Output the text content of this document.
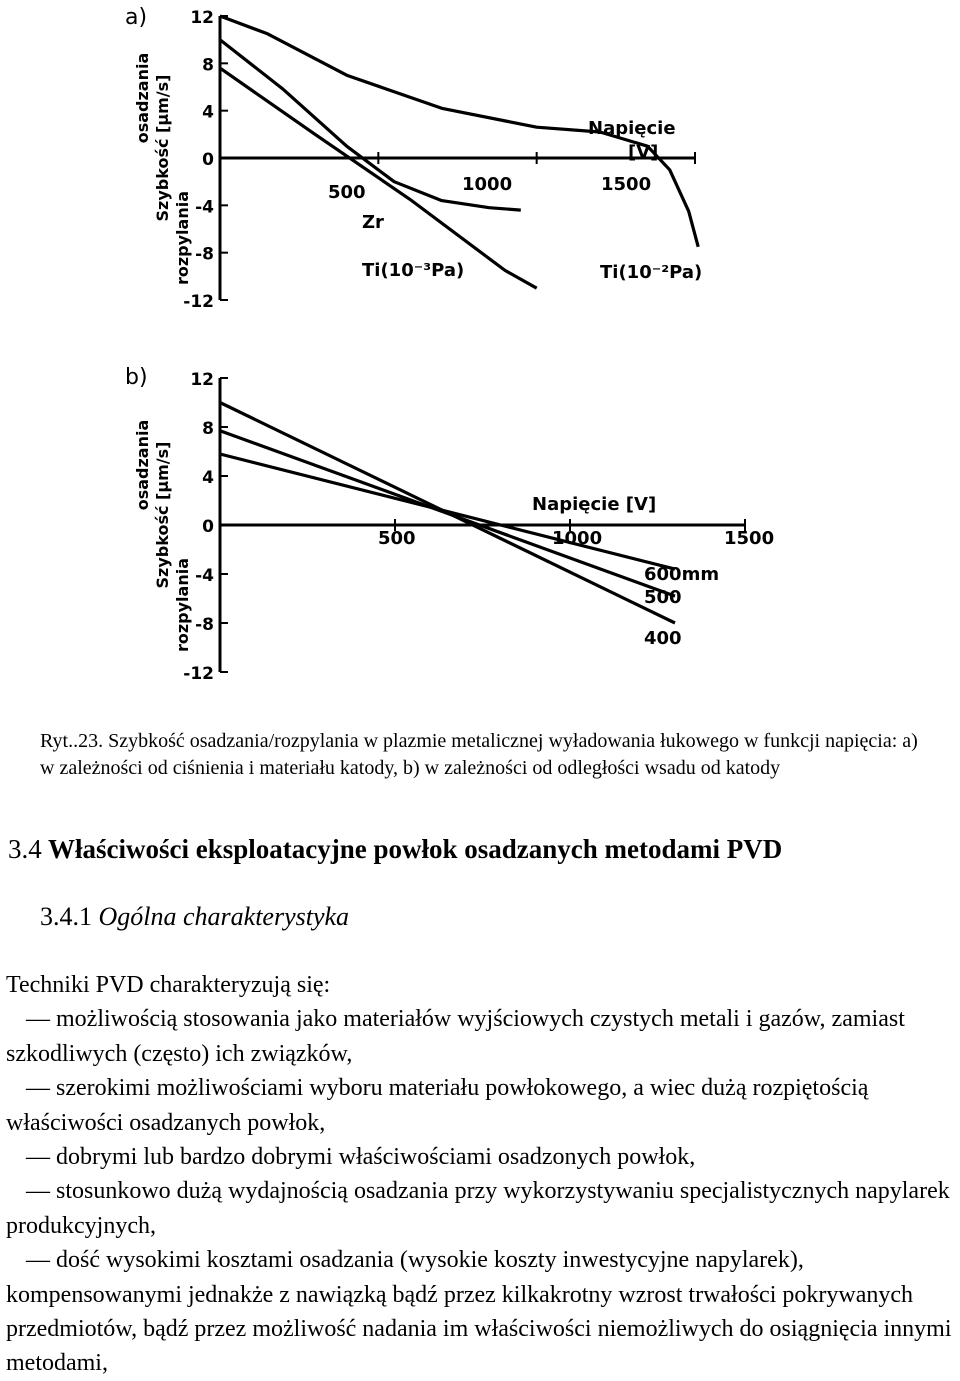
a)	12
8
4
0
-4
-8
-12
osadzania Szybkość [μm/s]
rozpylania	500
Zr
1000
Ti(10⁻³Pa)
Napięcie
[V]
1500
Ti(10⁻²Pa)
b)	12
8
4
0
-4
-8
-12
osadzania Szybkość [μm/s]
rozpylania
Napięcie [V]
500	1000	1500
600mm
500
400
Ryt..23. Szybkość osadzania/rozpylania w plazmie metalicznej wyładowania łukowego w funkcji napięcia: a) w zależności od ciśnienia i materiału katody, b) w zależności od odległości wsadu od katody
3.4 Właściwości eksploatacyjne powłok osadzanych metodami PVD
3.4.1 Ogólna charakterystyka

Techniki PVD charakteryzują się:

— możliwością stosowania jako materiałów wyjściowych czystych metali i gazów, zamiast szkodliwych (często) ich związków,

— szerokimi możliwościami wyboru materiału powłokowego, a wiec dużą rozpiętością właściwości osadzanych powłok,

— dobrymi lub bardzo dobrymi właściwościami osadzonych powłok,

— stosunkowo dużą wydajnością osadzania przy wykorzystywaniu specjalistycznych napylarek produkcyjnych,

— dość wysokimi kosztami osadzania (wysokie koszty inwestycyjne napylarek), kompensowanymi jednakże z nawiązką bądź przez kilkakrotny wzrost trwałości pokrywanych przedmiotów, bądź przez możliwość nadania im właściwości niemożliwych do osiągnięcia innymi metodami,
